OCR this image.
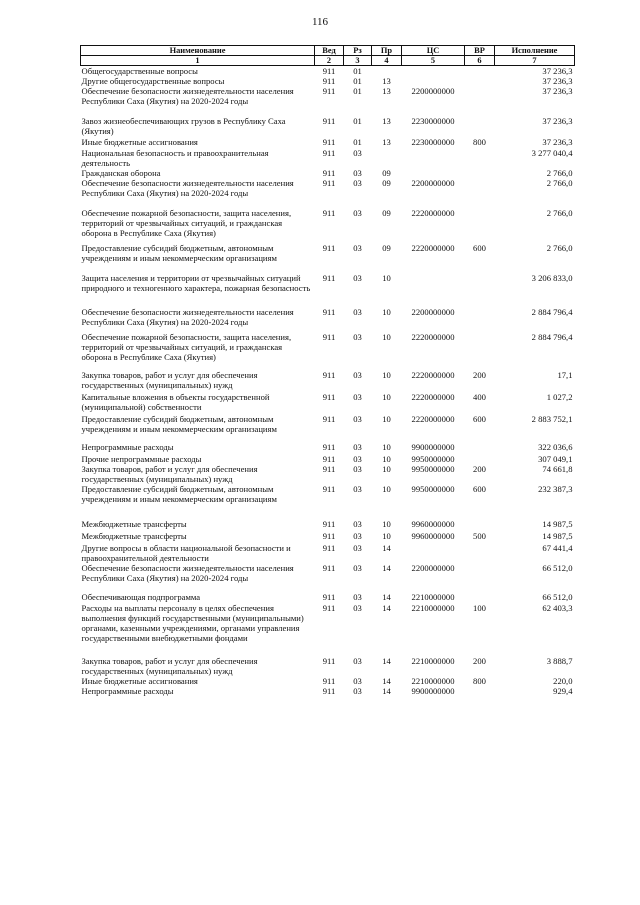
116
Наименование	Вед	Рз	Пр	ЦС	ВР	Исполнение
1	2	3	4	5	6	7
Общегосударственные вопросы	911	01				37 236,3
Другие общегосударственные вопросы	911	01	13			37 236,3
Обеспечение безопасности жизнедеятельности населения Республики Саха (Якутия) на 2020-2024 годы	911	01	13	2200000000		37 236,3
Завоз жизнеобеспечивающих грузов в Республику Саха (Якутия)	911	01	13	2230000000		37 236,3
Иные бюджетные ассигнования	911	01	13	2230000000	800	37 236,3
Национальная безопасность и правоохранительная деятельность	911	03				3 277 040,4
Гражданская оборона	911	03	09			2 766,0
Обеспечение безопасности жизнедеятельности населения Республики Саха (Якутия) на 2020-2024 годы	911	03	09	2200000000		2 766,0
Обеспечение пожарной безопасности, защита населения, территорий от чрезвычайных ситуаций, и гражданская оборона в Республике Саха (Якутия)	911	03	09	2220000000		2 766,0
Предоставление субсидий бюджетным, автономным учреждениям и иным некоммерческим организациям	911	03	09	2220000000	600	2 766,0
Защита населения и территории от чрезвычайных ситуаций природного и техногенного характера, пожарная безопасность	911	03	10			3 206 833,0
Обеспечение безопасности жизнедеятельности населения Республики Саха (Якутия) на 2020-2024 годы	911	03	10	2200000000		2 884 796,4
Обеспечение пожарной безопасности, защита населения, территорий от чрезвычайных ситуаций, и гражданская оборона в Республике Саха (Якутия)	911	03	10	2220000000		2 884 796,4
Закупка товаров, работ и услуг для обеспечения государственных (муниципальных) нужд	911	03	10	2220000000	200	17,1
Капитальные вложения в объекты государственной (муниципальной) собственности	911	03	10	2220000000	400	1 027,2
Предоставление субсидий бюджетным, автономным учреждениям и иным некоммерческим организациям	911	03	10	2220000000	600	2 883 752,1
Непрограммные расходы	911	03	10	9900000000		322 036,6
Прочие непрограммные расходы	911	03	10	9950000000		307 049,1
Закупка товаров, работ и услуг для обеспечения государственных (муниципальных) нужд	911	03	10	9950000000	200	74 661,8
Предоставление субсидий бюджетным, автономным учреждениям и иным некоммерческим организациям	911	03	10	9950000000	600	232 387,3
Межбюджетные трансферты	911	03	10	9960000000		14 987,5
Межбюджетные трансферты	911	03	10	9960000000	500	14 987,5
Другие вопросы в области национальной безопасности и правоохранительной деятельности	911	03	14			67 441,4
Обеспечение безопасности жизнедеятельности населения Республики Саха (Якутия) на 2020-2024 годы	911	03	14	2200000000		66 512,0
Обеспечивающая подпрограмма	911	03	14	2210000000		66 512,0
Расходы на выплаты персоналу в целях обеспечения выполнения функций государственными (муниципальными) органами, казенными учреждениями, органами управления государственными внебюджетными фондами	911	03	14	2210000000	100	62 403,3
Закупка товаров, работ и услуг для обеспечения государственных (муниципальных) нужд	911	03	14	2210000000	200	3 888,7
Иные бюджетные ассигнования	911	03	14	2210000000	800	220,0
Непрограммные расходы	911	03	14	9900000000		929,4
